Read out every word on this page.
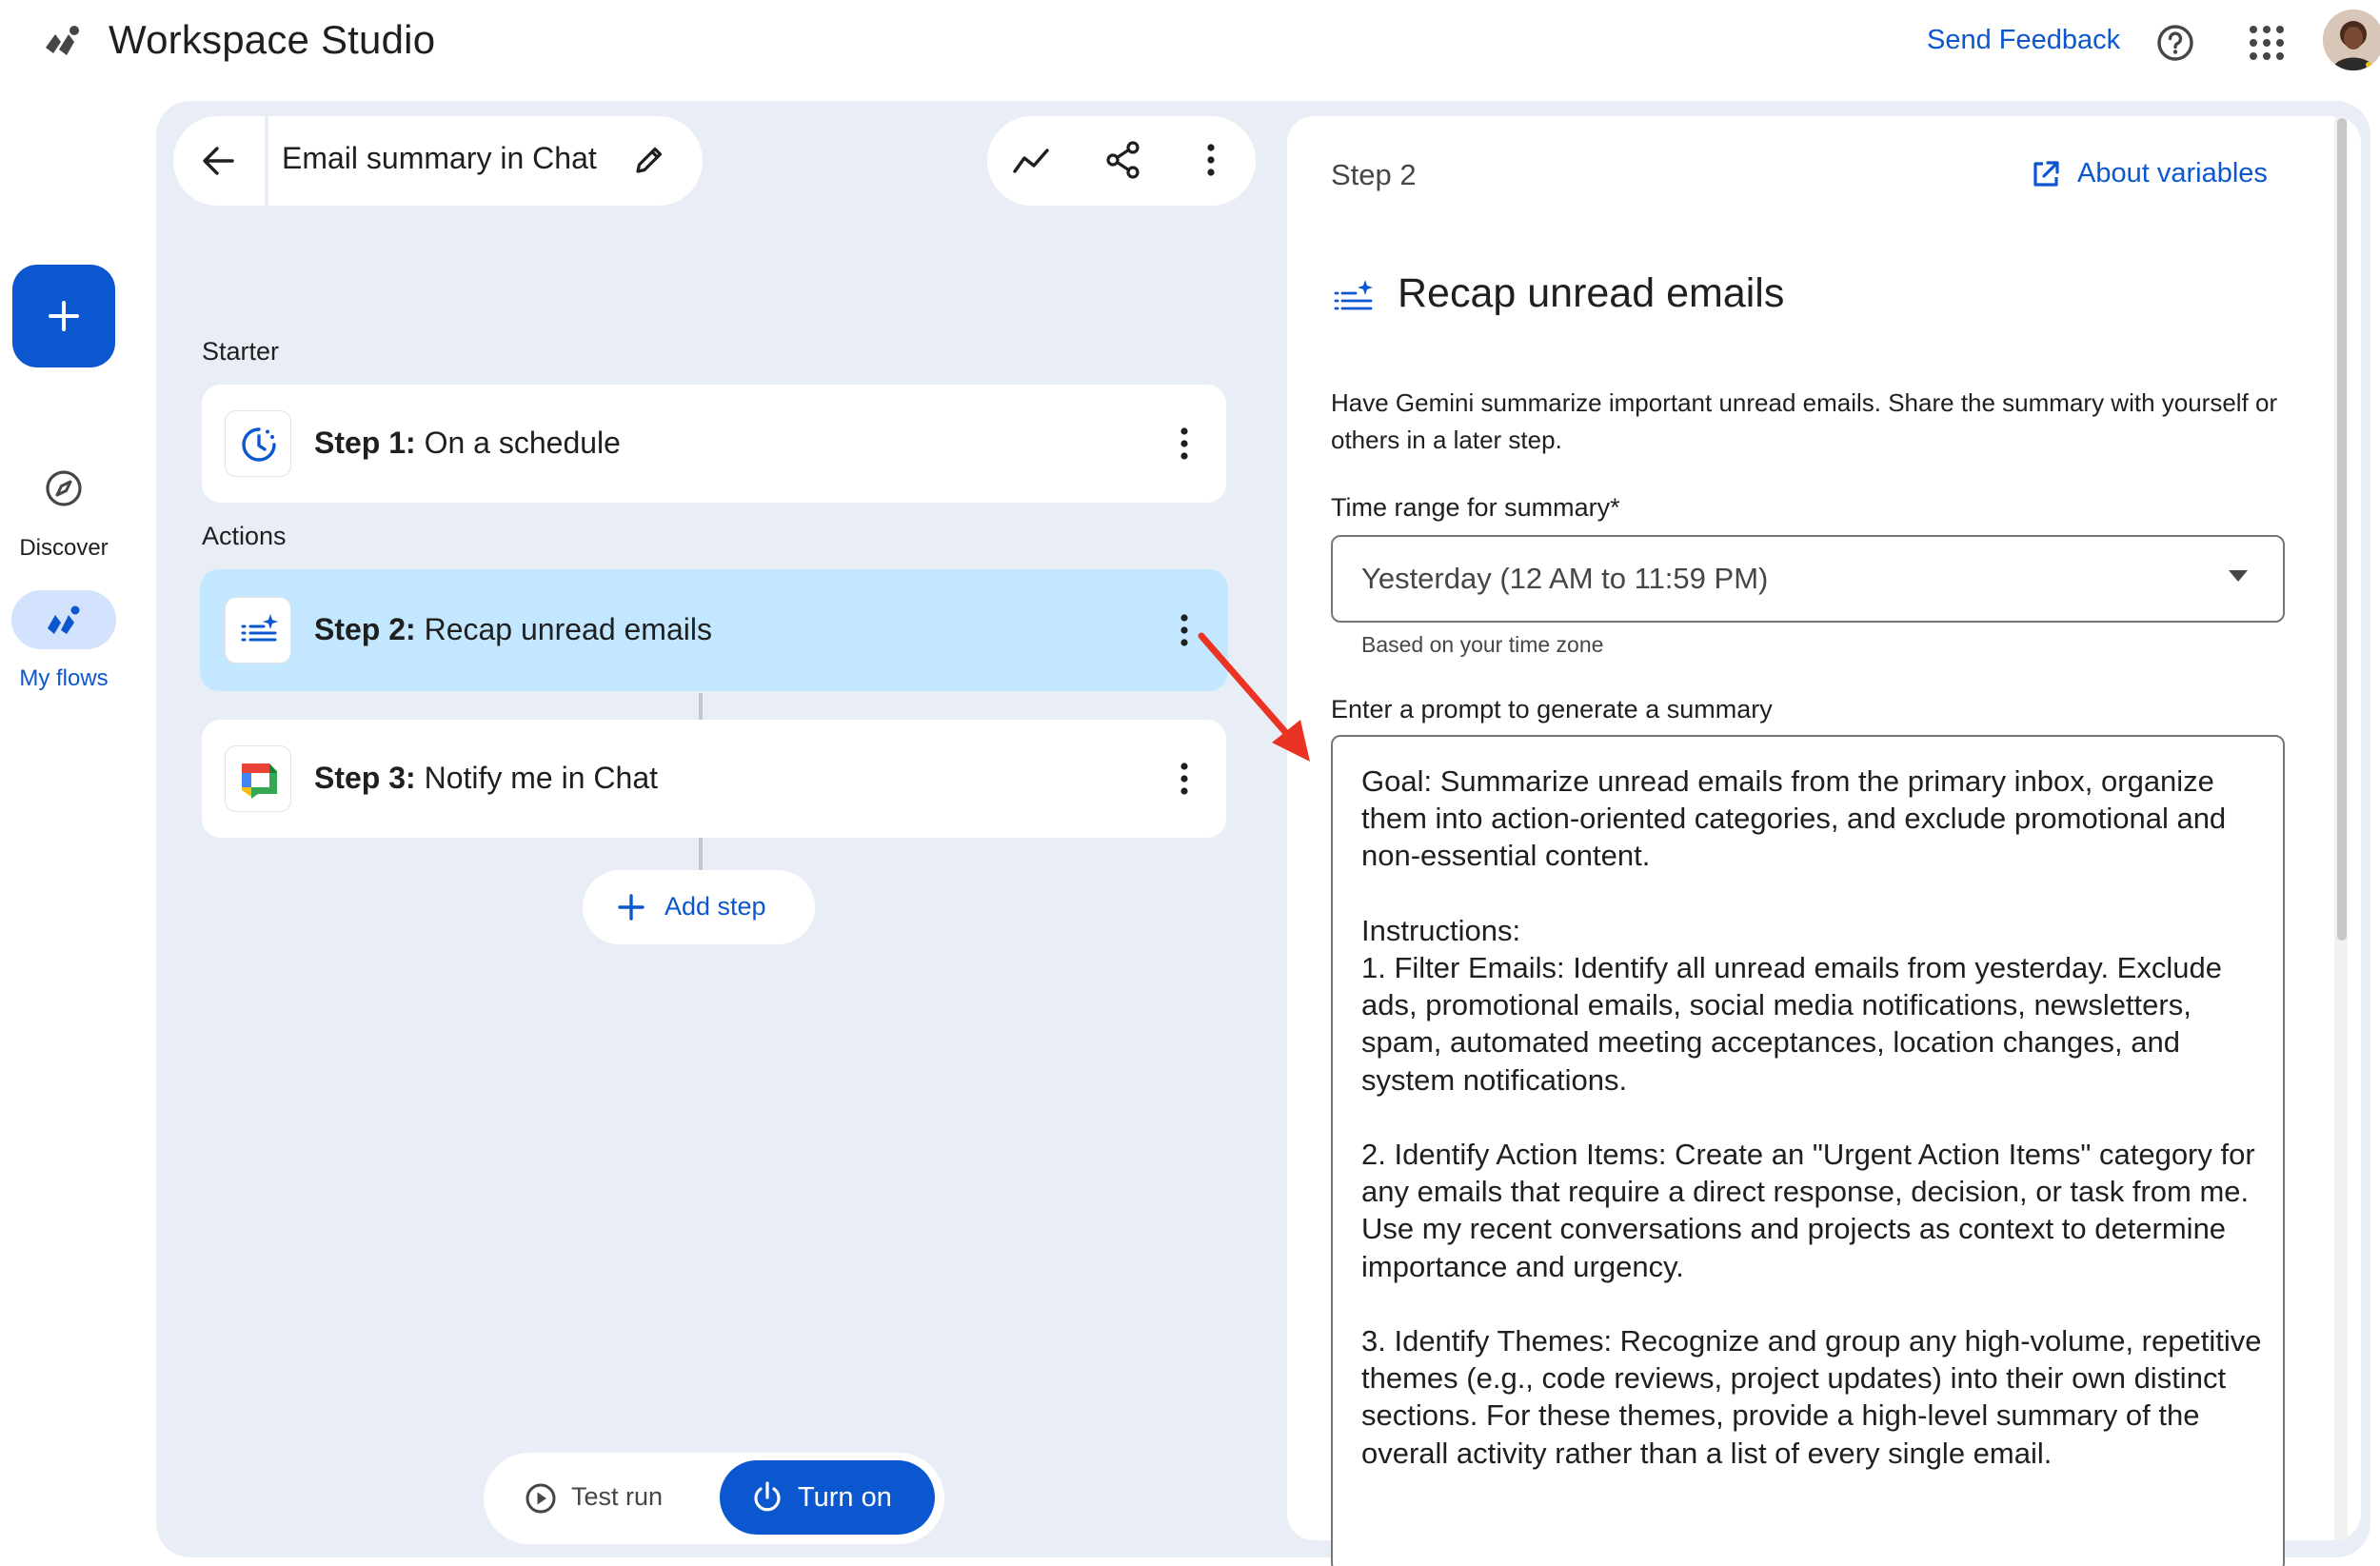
Workspace Studio	Send Feedback
Discover
My flows
Email summary in Chat
Starter
Step 1: On a schedule
Actions
Step 2: Recap unread emails
Step 3: Notify me in Chat
Add step
Test run	Turn on
Step 2	About variables
Recap unread emails
Have Gemini summarize important unread emails. Share the summary with yourself or others in a later step.
Time range for summary*
Yesterday (12 AM to 11:59 PM)
Based on your time zone
Enter a prompt to generate a summary
Goal: Summarize unread emails from the primary inbox, organize them into action-oriented categories, and exclude promotional and non-essential content.

Instructions:
1. Filter Emails: Identify all unread emails from yesterday. Exclude ads, promotional emails, social media notifications, newsletters, spam, automated meeting acceptances, location changes, and system notifications.

2. Identify Action Items: Create an "Urgent Action Items" category for any emails that require a direct response, decision, or task from me. Use my recent conversations and projects as context to determine importance and urgency.

3. Identify Themes: Recognize and group any high-volume, repetitive themes (e.g., code reviews, project updates) into their own distinct sections. For these themes, provide a high-level summary of the overall activity rather than a list of every single email.
